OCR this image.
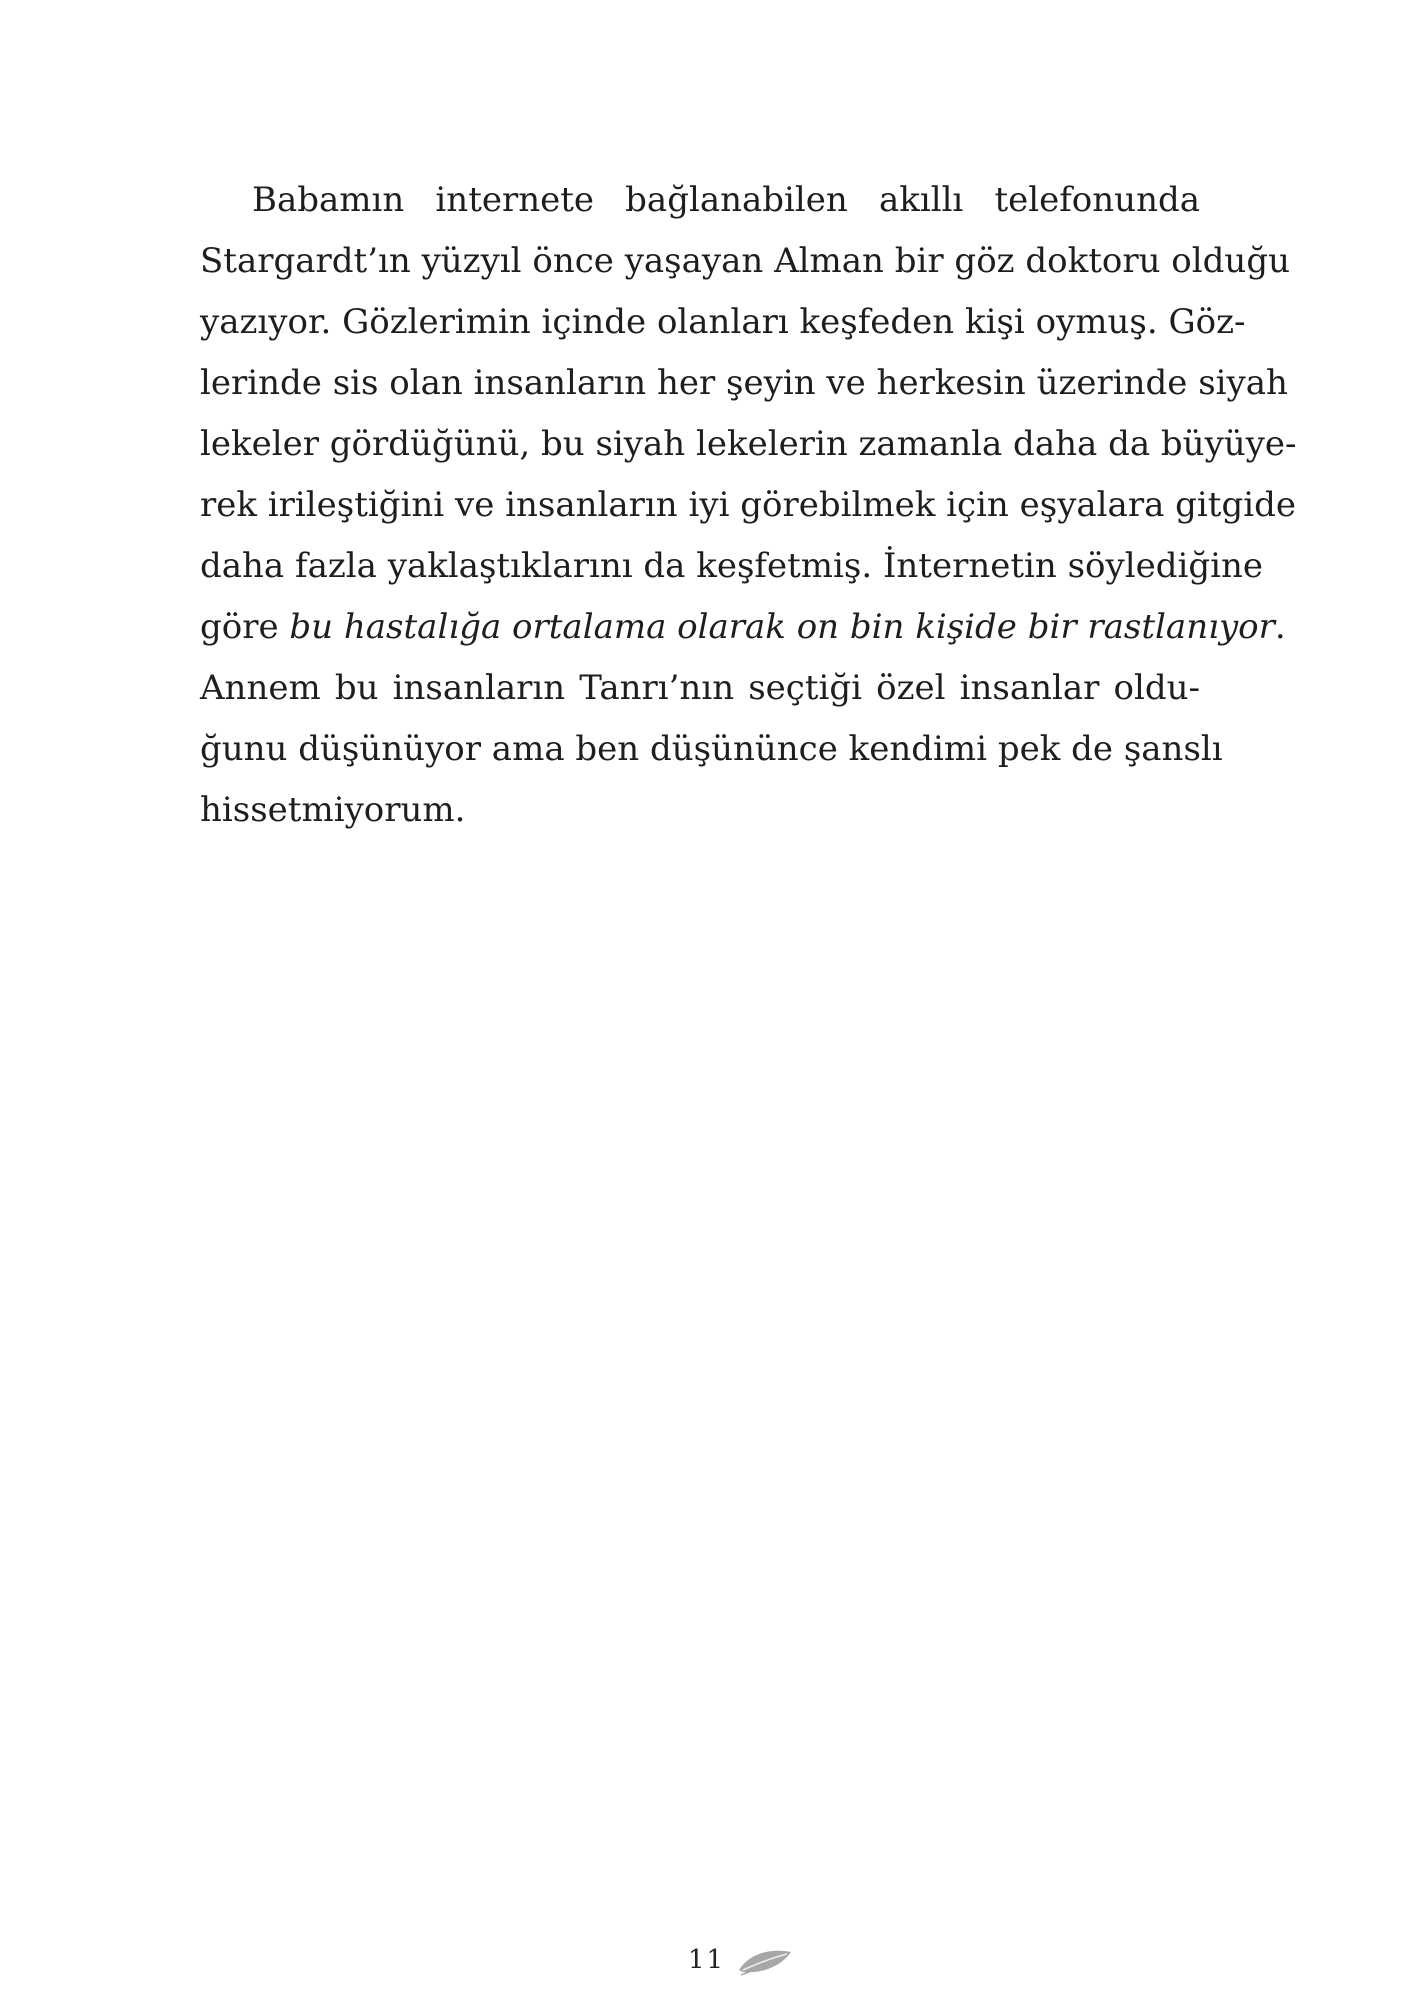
Babamın internete bağlanabilen akıllı telefonunda
Stargardt’ın yüzyıl önce yaşayan Alman bir göz doktoru olduğu
yazıyor. Gözlerimin içinde olanları keşfeden kişi oymuş. Göz-
lerinde sis olan insanların her şeyin ve herkesin üzerinde siyah
lekeler gördüğünü, bu siyah lekelerin zamanla daha da büyüye-
rek irileştiğini ve insanların iyi görebilmek için eşyalara gitgide
daha fazla yaklaştıklarını da keşfetmiş. İnternetin söylediğine
göre bu hastalığa ortalama olarak on bin kişide bir rastlanıyor.
Annem bu insanların Tanrı’nın seçtiği özel insanlar oldu-
ğunu düşünüyor ama ben düşününce kendimi pek de şanslı
hissetmiyorum.
11
